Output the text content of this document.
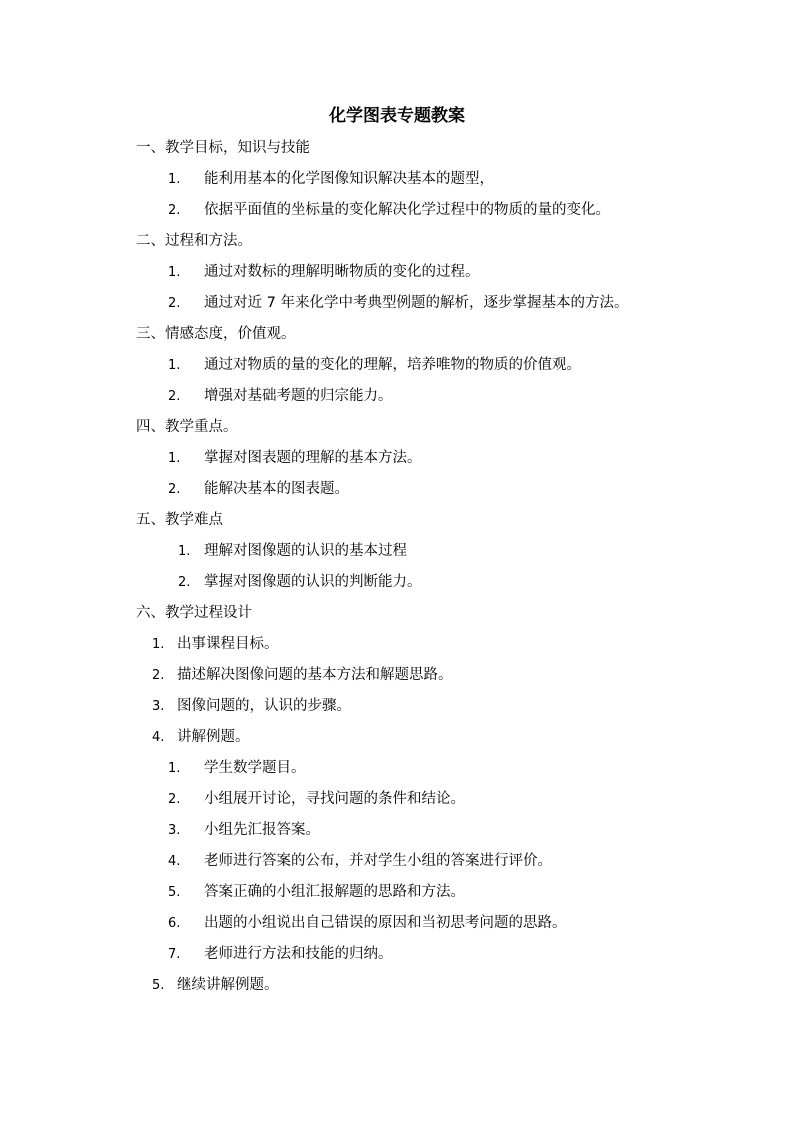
化学图表专题教案
一、教学目标，知识与技能
1. 能利用基本的化学图像知识解决基本的题型，
2. 依据平面值的坐标量的变化解决化学过程中的物质的量的变化。
二、过程和方法。
1. 通过对数标的理解明晰物质的变化的过程。
2. 通过对近 7 年来化学中考典型例题的解析，逐步掌握基本的方法。
三、情感态度，价值观。
1. 通过对物质的量的变化的理解，培养唯物的物质的价值观。
2. 增强对基础考题的归宗能力。
四、教学重点。
1. 掌握对图表题的理解的基本方法。
2. 能解决基本的图表题。
五、教学难点
1. 理解对图像题的认识的基本过程
2. 掌握对图像题的认识的判断能力。
六、教学过程设计
1. 出事课程目标。
2. 描述解决图像问题的基本方法和解题思路。
3. 图像问题的，认识的步骤。
4. 讲解例题。
1. 学生数学题目。
2. 小组展开讨论，寻找问题的条件和结论。
3. 小组先汇报答案。
4. 老师进行答案的公布，并对学生小组的答案进行评价。
5. 答案正确的小组汇报解题的思路和方法。
6. 出题的小组说出自己错误的原因和当初思考问题的思路。
7. 老师进行方法和技能的归纳。
5. 继续讲解例题。
